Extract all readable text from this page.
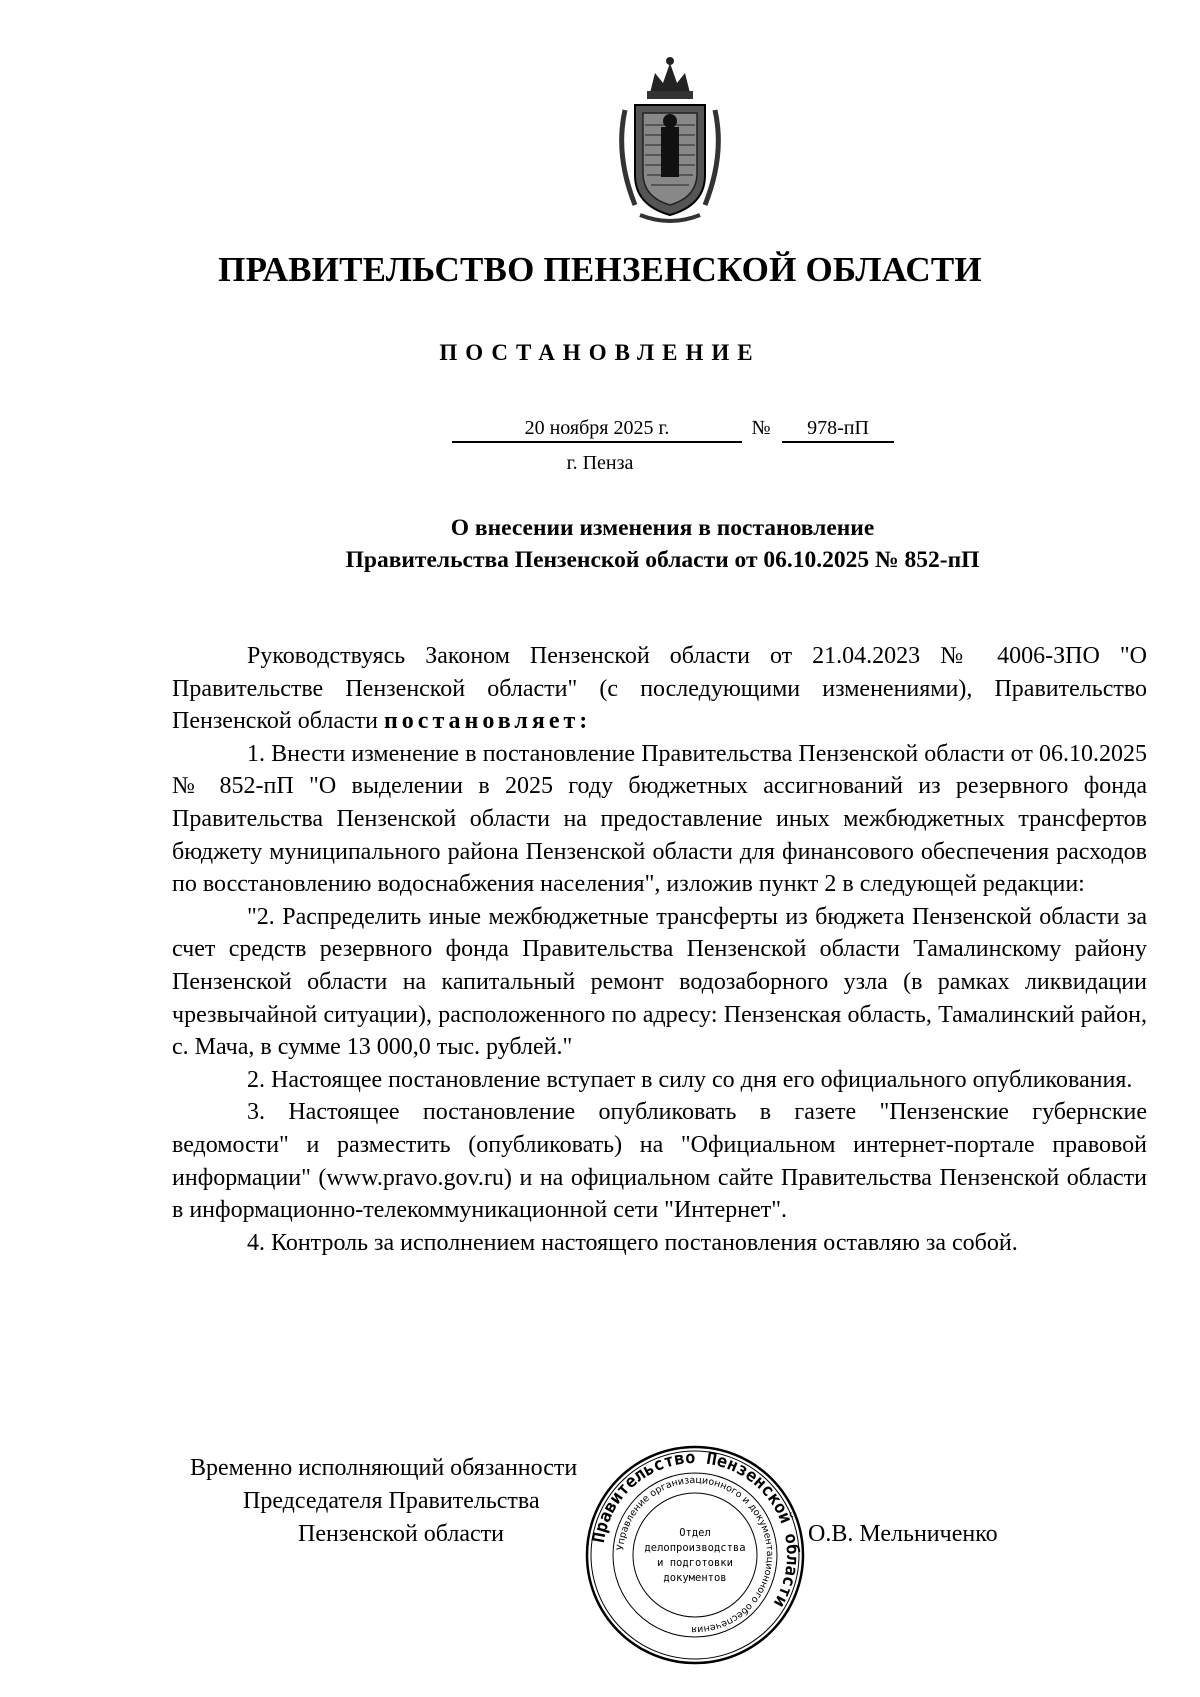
ПРАВИТЕЛЬСТВО ПЕНЗЕНСКОЙ ОБЛАСТИ
ПОСТАНОВЛЕНИЕ
20 ноября 2025 г.	№	978-пП
г. Пенза
О внесении изменения в постановление
Правительства Пензенской области от 06.10.2025 № 852-пП

Руководствуясь Законом Пензенской области от 21.04.2023 № 4006-ЗПО "О Правительстве Пензенской области" (с последующими изменениями), Правительство Пензенской области постановляет:

1. Внести изменение в постановление Правительства Пензенской области от 06.10.2025 № 852-пП "О выделении в 2025 году бюджетных ассигнований из резервного фонда Правительства Пензенской области на предоставление иных межбюджетных трансфертов бюджету муниципального района Пензенской области для финансового обеспечения расходов по восстановлению водоснабжения населения", изложив пункт 2 в следующей редакции:

"2. Распределить иные межбюджетные трансферты из бюджета Пензенской области за счет средств резервного фонда Правительства Пензенской области Тамалинскому району Пензенской области на капитальный ремонт водозаборного узла (в рамках ликвидации чрезвычайной ситуации), расположенного по адресу: Пензенская область, Тамалинский район, с. Мача, в сумме 13 000,0 тыс. рублей."

2. Настоящее постановление вступает в силу со дня его официального опубликования.

3. Настоящее постановление опубликовать в газете "Пензенские губернские ведомости" и разместить (опубликовать) на "Официальном интернет-портале правовой информации" (www.pravo.gov.ru) и на официальном сайте Правительства Пензенской области в информационно-телекоммуникационной сети "Интернет".

4. Контроль за исполнением настоящего постановления оставляю за собой.

Временно исполняющий обязанности
Председателя Правительства
Пензенской области	О.В. Мельниченко
Правительство Пензенской области
Управление организационного и документационного обеспечения
Отдел
делопроизводства
и подготовки
документов
